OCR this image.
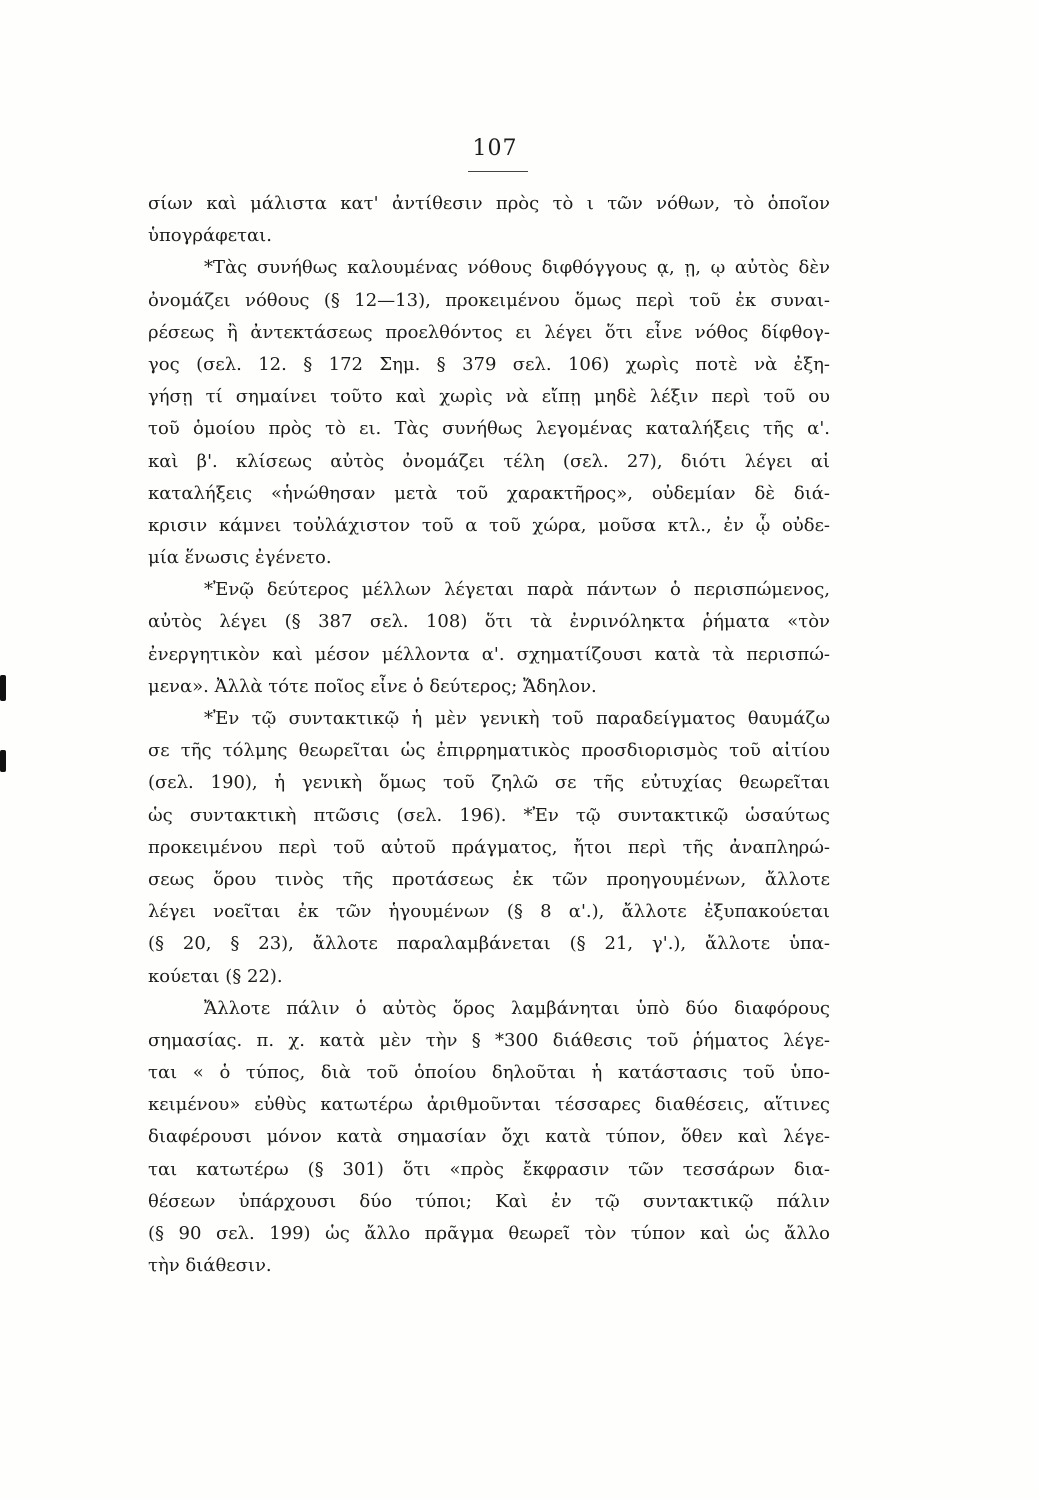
107
σίων καὶ μάλιστα κατ' ἀντίθεσιν πρὸς τὸ ι τῶν νόθων, τὸ ὁποῖον
ὑπογράφεται.
*Τὰς συνήθως καλουμένας νόθους διφθόγγους ᾳ, ῃ, ῳ αὐτὸς δὲν
ὀνομάζει νόθους (§ 12—13), προκειμένου ὅμως περὶ τοῦ ἐκ συναι-
ρέσεως ἢ ἀντεκτάσεως προελθόντος ει λέγει ὅτι εἶνε νόθος δίφθογ-
γος (σελ. 12. § 172 Σημ. § 379 σελ. 106) χωρὶς ποτὲ νὰ ἐξη-
γήσῃ τί σημαίνει τοῦτο καὶ χωρὶς νὰ εἴπῃ μηδὲ λέξιν περὶ τοῦ ου
τοῦ ὁμοίου πρὸς τὸ ει. Τὰς συνήθως λεγομένας καταλήξεις τῆς α'.
καὶ β'. κλίσεως αὐτὸς ὀνομάζει τέλη (σελ. 27), διότι λέγει αἱ
καταλήξεις «ἡνώθησαν μετὰ τοῦ χαρακτῆρος», οὐδεμίαν δὲ διά-
κρισιν κάμνει τοὐλάχιστον τοῦ α τοῦ χώρα, μοῦσα κτλ., ἐν ᾧ οὐδε-
μία ἕνωσις ἐγένετο.
*Ἐνῷ δεύτερος μέλλων λέγεται παρὰ πάντων ὁ περισπώμενος,
αὐτὸς λέγει (§ 387 σελ. 108) ὅτι τὰ ἐνρινόληκτα ῥήματα «τὸν
ἐνεργητικὸν καὶ μέσον μέλλοντα α'. σχηματίζουσι κατὰ τὰ περισπώ-
μενα». Ἀλλὰ τότε ποῖος εἶνε ὁ δεύτερος; Ἄδηλον.
*Ἐν τῷ συντακτικῷ ἡ μὲν γενικὴ τοῦ παραδείγματος θαυμάζω
σε τῆς τόλμης θεωρεῖται ὡς ἐπιρρηματικὸς προσδιορισμὸς τοῦ αἰτίου
(σελ. 190), ἡ γενικὴ ὅμως τοῦ ζηλῶ σε τῆς εὐτυχίας θεωρεῖται
ὡς συντακτικὴ πτῶσις (σελ. 196). *Ἐν τῷ συντακτικῷ ὡσαύτως
προκειμένου περὶ τοῦ αὐτοῦ πράγματος, ἤτοι περὶ τῆς ἀναπληρώ-
σεως ὅρου τινὸς τῆς προτάσεως ἐκ τῶν προηγουμένων, ἄλλοτε
λέγει νοεῖται ἐκ τῶν ἡγουμένων (§ 8 α'.), ἄλλοτε ἐξυπακούεται
(§ 20, § 23), ἄλλοτε παραλαμβάνεται (§ 21, γ'.), ἄλλοτε ὑπα-
κούεται (§ 22).
Ἄλλοτε πάλιν ὁ αὐτὸς ὅρος λαμβάνηται ὑπὸ δύο διαφόρους
σημασίας. π. χ. κατὰ μὲν τὴν § *300 διάθεσις τοῦ ῥήματος λέγε-
ται « ὁ τύπος, διὰ τοῦ ὁποίου δηλοῦται ἡ κατάστασις τοῦ ὑπο-
κειμένου» εὐθὺς κατωτέρω ἀριθμοῦνται τέσσαρες διαθέσεις, αἵτινες
διαφέρουσι μόνον κατὰ σημασίαν ὄχι κατὰ τύπον, ὅθεν καὶ λέγε-
ται κατωτέρω (§ 301) ὅτι «πρὸς ἔκφρασιν τῶν τεσσάρων δια-
θέσεων ὑπάρχουσι δύο τύποι; Καὶ ἐν τῷ συντακτικῷ πάλιν
(§ 90 σελ. 199) ὡς ἄλλο πρᾶγμα θεωρεῖ τὸν τύπον καὶ ὡς ἄλλο
τὴν διάθεσιν.
